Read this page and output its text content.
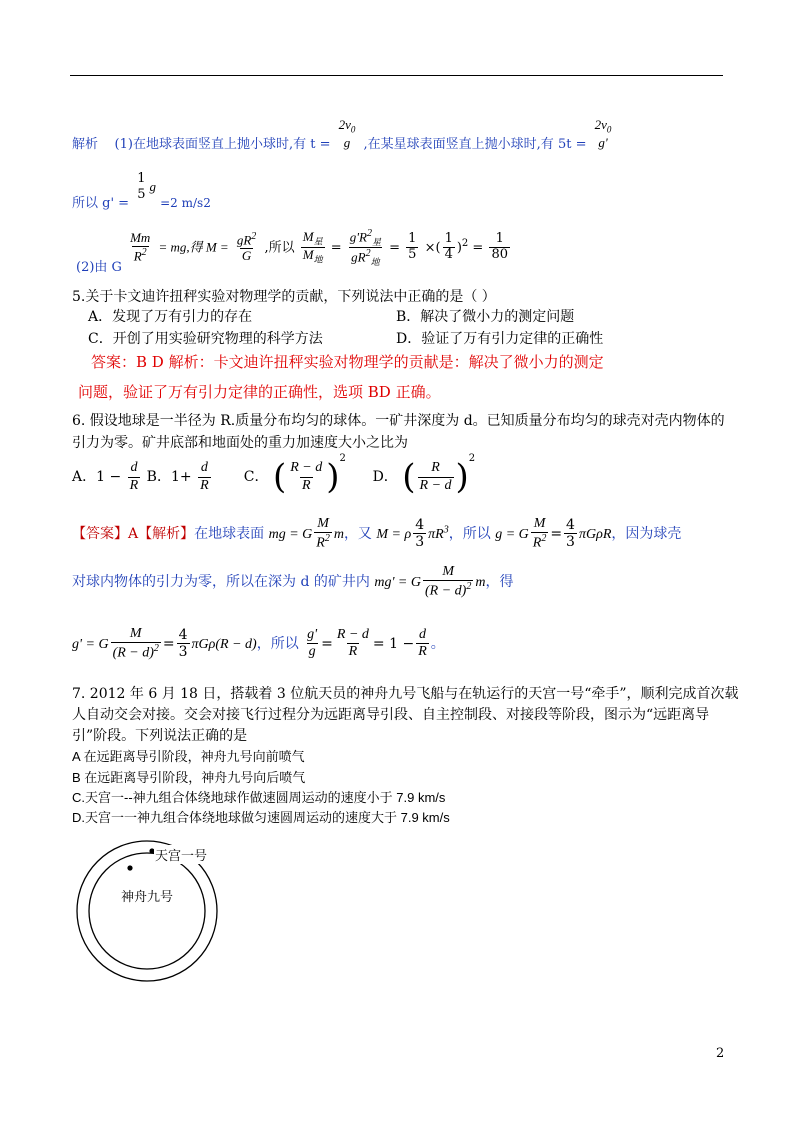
解析 (1)在地球表面竖直上抛小球时,有 t =
$2v_0$
g ,在某星球表面竖直上抛小球时,有 5t =
$2v_0$
g'
所以 g' =
1
5
g =2 m/s2
(2)由 G
$\frac{Mm}{R^2}$ = mg,得 $M = \frac{gR^2}{G}$ ,所以 $\frac{M_星}{M_地} = \frac{g'R^2_星}{gR^2_地} = \frac{1}{5}$ ×( $\frac{1}{4} )^2 = \frac{1}{80}$
5.关于卡文迪许扭秤实验对物理学的贡献，下列说法中正确的是（ ）
A．发现了万有引力的存在	B．解决了微小力的测定问题
C．开创了用实验研究物理的科学方法	D．验证了万有引力定律的正确性
答案：B D 解析：卡文迪许扭秤实验对物理学的贡献是：解决了微小力的测定
问题，验证了万有引力定律的正确性，选项 BD 正确。
6. 假设地球是一半径为 R.质量分布均匀的球体。一矿井深度为 d。已知质量分布均匀的球壳对壳内物体的
引力为零。矿井底部和地面处的重力加速度大小之比为
A．$1 - \frac{d}{R}$ B．$1+ \frac{d}{R}$ C． ( $\frac{R - d}{R} )^2$      D． ( $\frac{R}{R - d} )^2$
【答案】A【解析】在地球表面 mg = G $\frac{M}{R^2}$ m，又 M = ρ $\frac{4}{3} \pi R^3$，所以 g = G $\frac{M}{R^2} = \frac{4}{3}$ πGρR，因为球壳
对球内物体的引力为零，所以在深为 d 的矿井内 mg' = G $\frac{M}{(R - d)^2}$ m，得
g' = G $\frac{M}{(R - d)^2} = \frac{4}{3} \pi G\rho(R - d)$，所以 $\frac{g'}{g} = \frac{R - d}{R} = 1 - \frac{d}{R}$ 。
7. 2012 年 6 月 18 日，搭载着 3 位航天员的神舟九号飞船与在轨运行的天宫一号“牵手”，顺利完成首次载
人自动交会对接。交会对接飞行过程分为远距离导引段、自主控制段、对接段等阶段，图示为“远距离导
引”阶段。下列说法正确的是
A 在远距离导引阶段，神舟九号向前喷气
B 在远距离导引阶段，神舟九号向后喷气
C.天宫一--神九组合体绕地球作做速圆周运动的速度小于 7.9 km/s
D.天宫一一神九组合体绕地球做匀速圆周运动的速度大于 7.9 km/s
天宫一号
神舟九号
2
